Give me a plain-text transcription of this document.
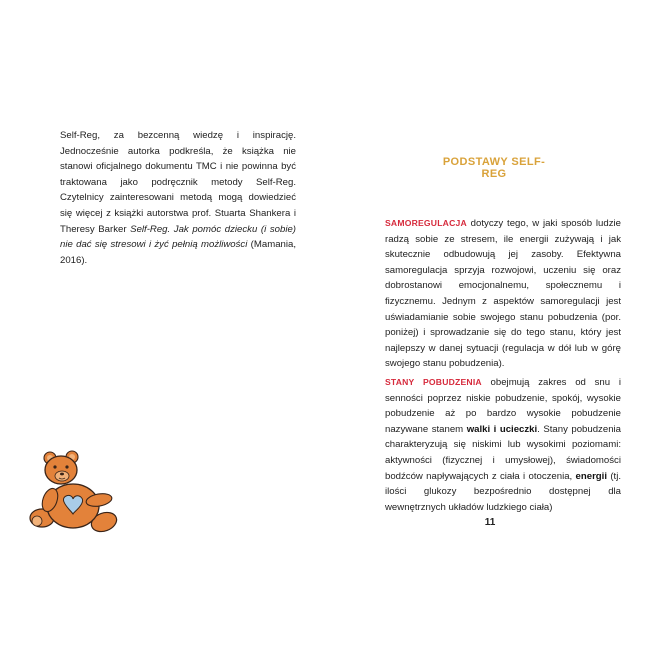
Self-Reg, za bezcenną wiedzę i inspirację. Jednocześnie autorka podkreśla, że książka nie stanowi oficjalnego dokumentu TMC i nie powinna być traktowana jako podręcznik metody Self-Reg. Czytelnicy zainteresowani metodą mogą dowiedzieć się więcej z książki autorstwa prof. Stuarta Shankera i Theresy Barker Self-Reg. Jak pomóc dziecku (i sobie) nie dać się stresowi i żyć pełnią możliwości (Mamania, 2016).
PODSTAWY SELF-REG
SAMOREGULACJA dotyczy tego, w jaki sposób ludzie radzą sobie ze stresem, ile energii zużywają i jak skutecznie odbudowują jej zasoby. Efektywna samoregulacja sprzyja rozwojowi, uczeniu się oraz dobrostanowi emocjonalnemu, społecznemu i fizycznemu. Jednym z aspektów samoregulacji jest uświadamianie sobie swojego stanu pobudzenia (por. poniżej) i sprowadzanie się do tego stanu, który jest najlepszy w danej sytuacji (regulacja w dół lub w górę swojego stanu pobudzenia).
STANY POBUDZENIA obejmują zakres od snu i senności poprzez niskie pobudzenie, spokój, wysokie pobudzenie aż po bardzo wysokie pobudzenie nazywane stanem walki i ucieczki. Stany pobudzenia charakteryzują się niskimi lub wysokimi poziomami: aktywności (fizycznej i umysłowej), świadomości bodźców napływających z ciała i otoczenia, energii (tj. ilości glukozy bezpośrednio dostępnej dla wewnętrznych układów ludzkiego ciała)
11
